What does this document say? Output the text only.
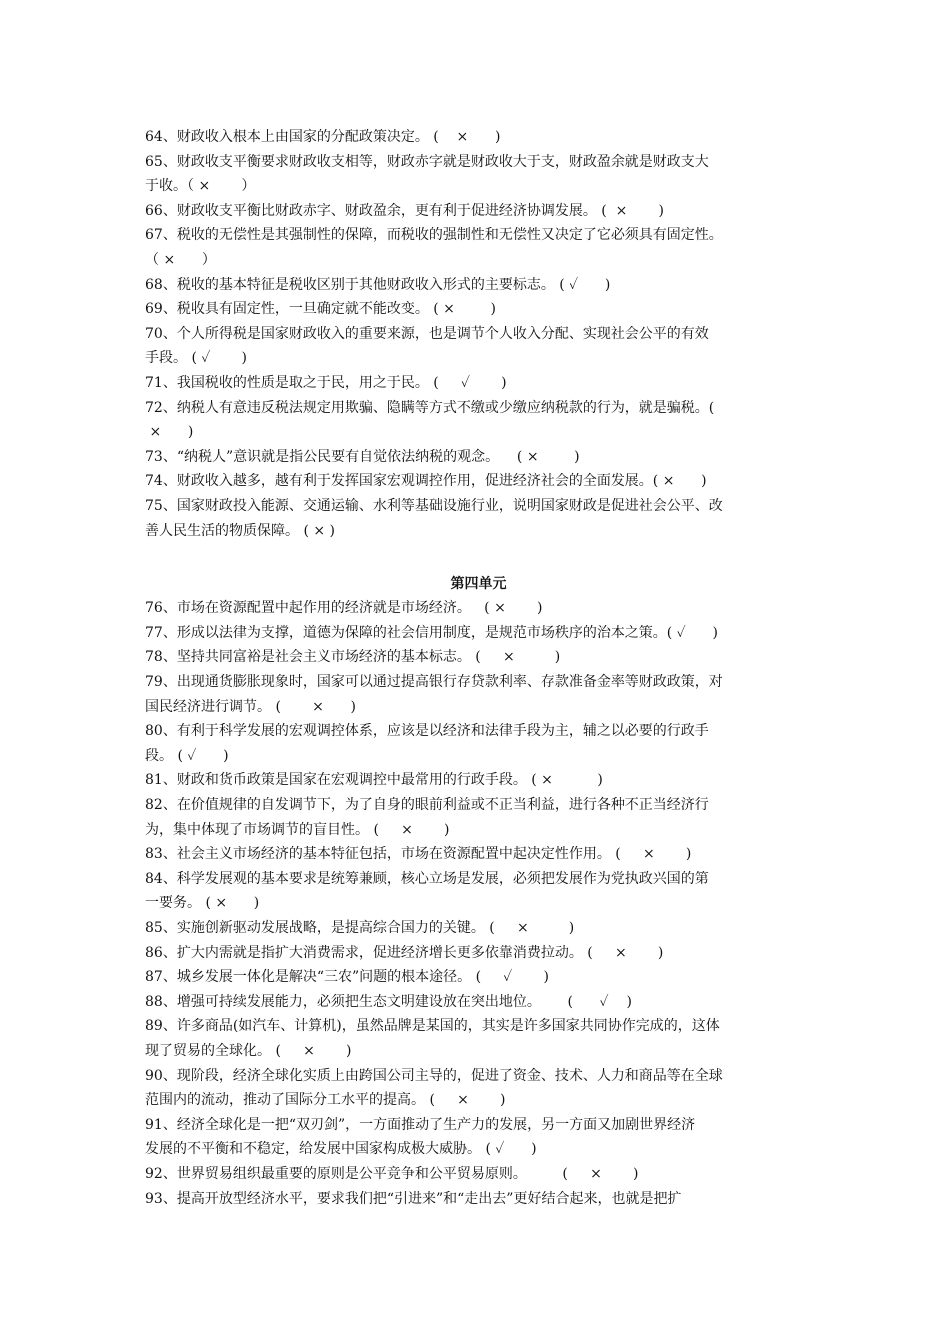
64、财政收入根本上由国家的分配政策决定。 (    ×      )
65、财政收支平衡要求财政收支相等，财政赤字就是财政收大于支，财政盈余就是财政支大
于收。（ ×       ）
66、财政收支平衡比财政赤字、财政盈余，更有利于促进经济协调发展。 (  ×       )
67、税收的无偿性是其强制性的保障，而税收的强制性和无偿性又决定了它必须具有固定性。
（ ×      ）
68、税收的基本特征是税收区别于其他财政收入形式的主要标志。 ( ✓      )
69、税收具有固定性，一旦确定就不能改变。 ( ×        )
70、个人所得税是国家财政收入的重要来源，也是调节个人收入分配、实现社会公平的有效
手段。 ( ✓       )
71、我国税收的性质是取之于民，用之于民。 (     ✓       )
72、纳税人有意违反税法规定用欺骗、隐瞒等方式不缴或少缴应纳税款的行为，就是骗税。(
×      )
73、“纳税人”意识就是指公民要有自觉依法纳税的观念。    ( ×        )
74、财政收入越多，越有利于发挥国家宏观调控作用，促进经济社会的全面发展。( ×      )
75、国家财政投入能源、交通运输、水利等基础设施行业，说明国家财政是促进社会公平、改
善人民生活的物质保障。 ( × )
第四单元
76、市场在资源配置中起作用的经济就是市场经济。   ( ×       )
77、形成以法律为支撑，道德为保障的社会信用制度，是规范市场秩序的治本之策。( ✓      )
78、坚持共同富裕是社会主义市场经济的基本标志。 (     ×         )
79、出现通货膨胀现象时，国家可以通过提高银行存贷款利率、存款准备金率等财政政策，对
国民经济进行调节。 (       ×      )
80、有利于科学发展的宏观调控体系，应该是以经济和法律手段为主，辅之以必要的行政手
段。 ( ✓      )
81、财政和货币政策是国家在宏观调控中最常用的行政手段。 ( ×          )
82、在价值规律的自发调节下，为了自身的眼前利益或不正当利益，进行各种不正当经济行
为，集中体现了市场调节的盲目性。 (     ×       )
83、社会主义市场经济的基本特征包括，市场在资源配置中起决定性作用。 (     ×       )
84、科学发展观的基本要求是统筹兼顾，核心立场是发展，必须把发展作为党执政兴国的第
一要务。 ( ×      )
85、实施创新驱动发展战略，是提高综合国力的关键。 (     ×         )
86、扩大内需就是指扩大消费需求，促进经济增长更多依靠消费拉动。 (     ×       )
87、城乡发展一体化是解决“三农”问题的根本途径。 (     ✓       )
88、增强可持续发展能力，必须把生态文明建设放在突出地位。      (      ✓    )
89、许多商品(如汽车、计算机)，虽然品牌是某国的，其实是许多国家共同协作完成的，这体
现了贸易的全球化。 (     ×       )
90、现阶段，经济全球化实质上由跨国公司主导的，促进了资金、技术、人力和商品等在全球
范围内的流动，推动了国际分工水平的提高。 (     ×       )
91、经济全球化是一把“双刃剑”，一方面推动了生产力的发展，另一方面又加剧世界经济
发展的不平衡和不稳定，给发展中国家构成极大威胁。 ( ✓      )
92、世界贸易组织最重要的原则是公平竞争和公平贸易原则。        (     ×       )
93、提高开放型经济水平，要求我们把“引进来”和“走出去”更好结合起来，也就是把扩
